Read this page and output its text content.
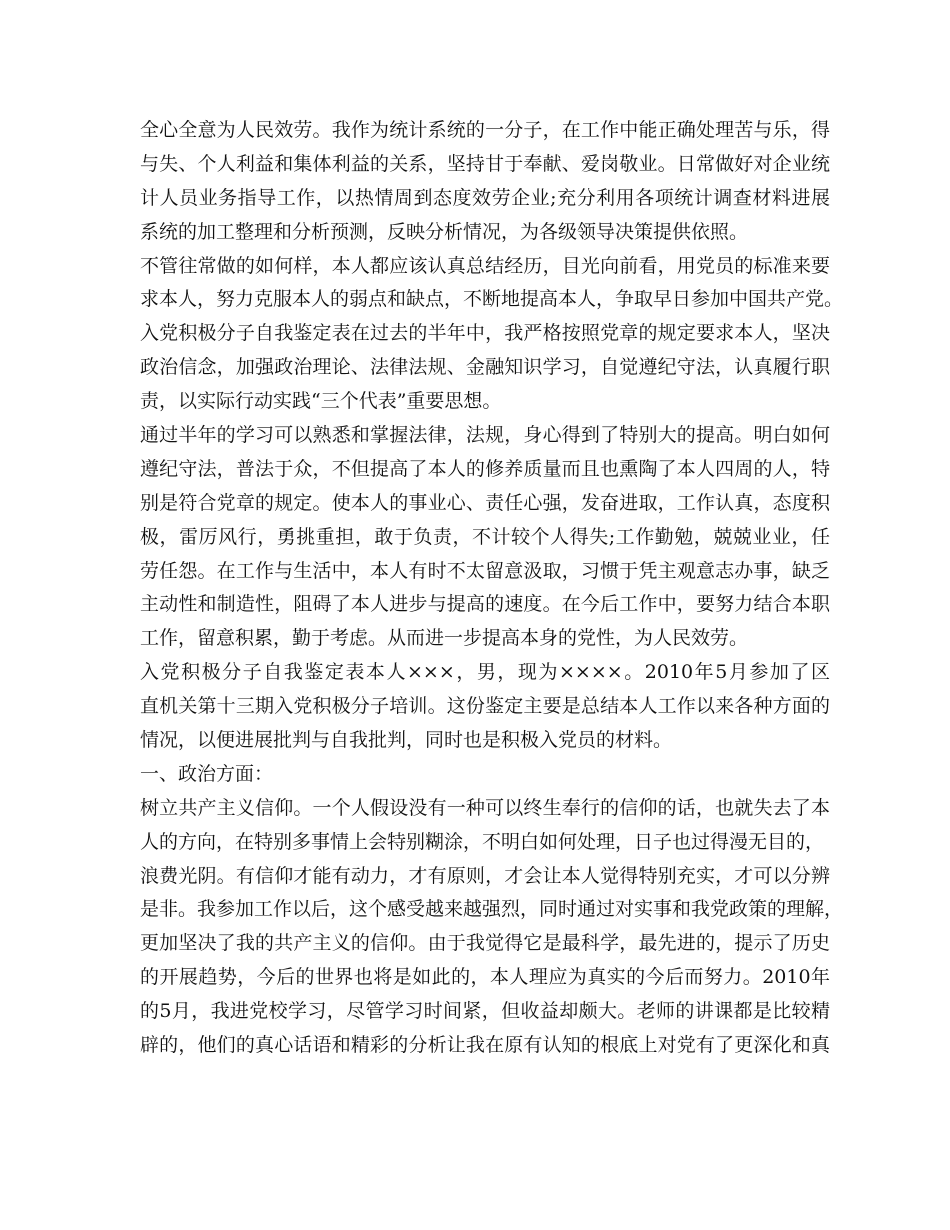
全心全意为人民效劳。我作为统计系统的一分子，在工作中能正确处理苦与乐，得
与失、个人利益和集体利益的关系，坚持甘于奉献、爱岗敬业。日常做好对企业统
计人员业务指导工作，以热情周到态度效劳企业;充分利用各项统计调查材料进展
系统的加工整理和分析预测，反映分析情况，为各级领导决策提供依照。
不管往常做的如何样，本人都应该认真总结经历，目光向前看，用党员的标准来要
求本人，努力克服本人的弱点和缺点，不断地提高本人，争取早日参加中国共产党。
入党积极分子自我鉴定表在过去的半年中，我严格按照党章的规定要求本人，坚决
政治信念，加强政治理论、法律法规、金融知识学习，自觉遵纪守法，认真履行职
责，以实际行动实践“三个代表”重要思想。
通过半年的学习可以熟悉和掌握法律，法规，身心得到了特别大的提高。明白如何
遵纪守法，普法于众，不但提高了本人的修养质量而且也熏陶了本人四周的人，特
别是符合党章的规定。使本人的事业心、责任心强，发奋进取，工作认真，态度积
极，雷厉风行，勇挑重担，敢于负责，不计较个人得失;工作勤勉，兢兢业业，任
劳任怨。在工作与生活中，本人有时不太留意汲取，习惯于凭主观意志办事，缺乏
主动性和制造性，阻碍了本人进步与提高的速度。在今后工作中，要努力结合本职
工作，留意积累，勤于考虑。从而进一步提高本身的党性，为人民效劳。
入党积极分子自我鉴定表本人×××，男，现为××××。2010年5月参加了区
直机关第十三期入党积极分子培训。这份鉴定主要是总结本人工作以来各种方面的
情况，以便进展批判与自我批判，同时也是积极入党员的材料。
一、政治方面：
树立共产主义信仰。一个人假设没有一种可以终生奉行的信仰的话，也就失去了本
人的方向，在特别多事情上会特别糊涂，不明白如何处理，日子也过得漫无目的，
浪费光阴。有信仰才能有动力，才有原则，才会让本人觉得特别充实，才可以分辨
是非。我参加工作以后，这个感受越来越强烈，同时通过对实事和我党政策的理解，
更加坚决了我的共产主义的信仰。由于我觉得它是最科学，最先进的，提示了历史
的开展趋势，今后的世界也将是如此的，本人理应为真实的今后而努力。2010年
的5月，我进党校学习，尽管学习时间紧，但收益却颇大。老师的讲课都是比较精
辟的，他们的真心话语和精彩的分析让我在原有认知的根底上对党有了更深化和真
